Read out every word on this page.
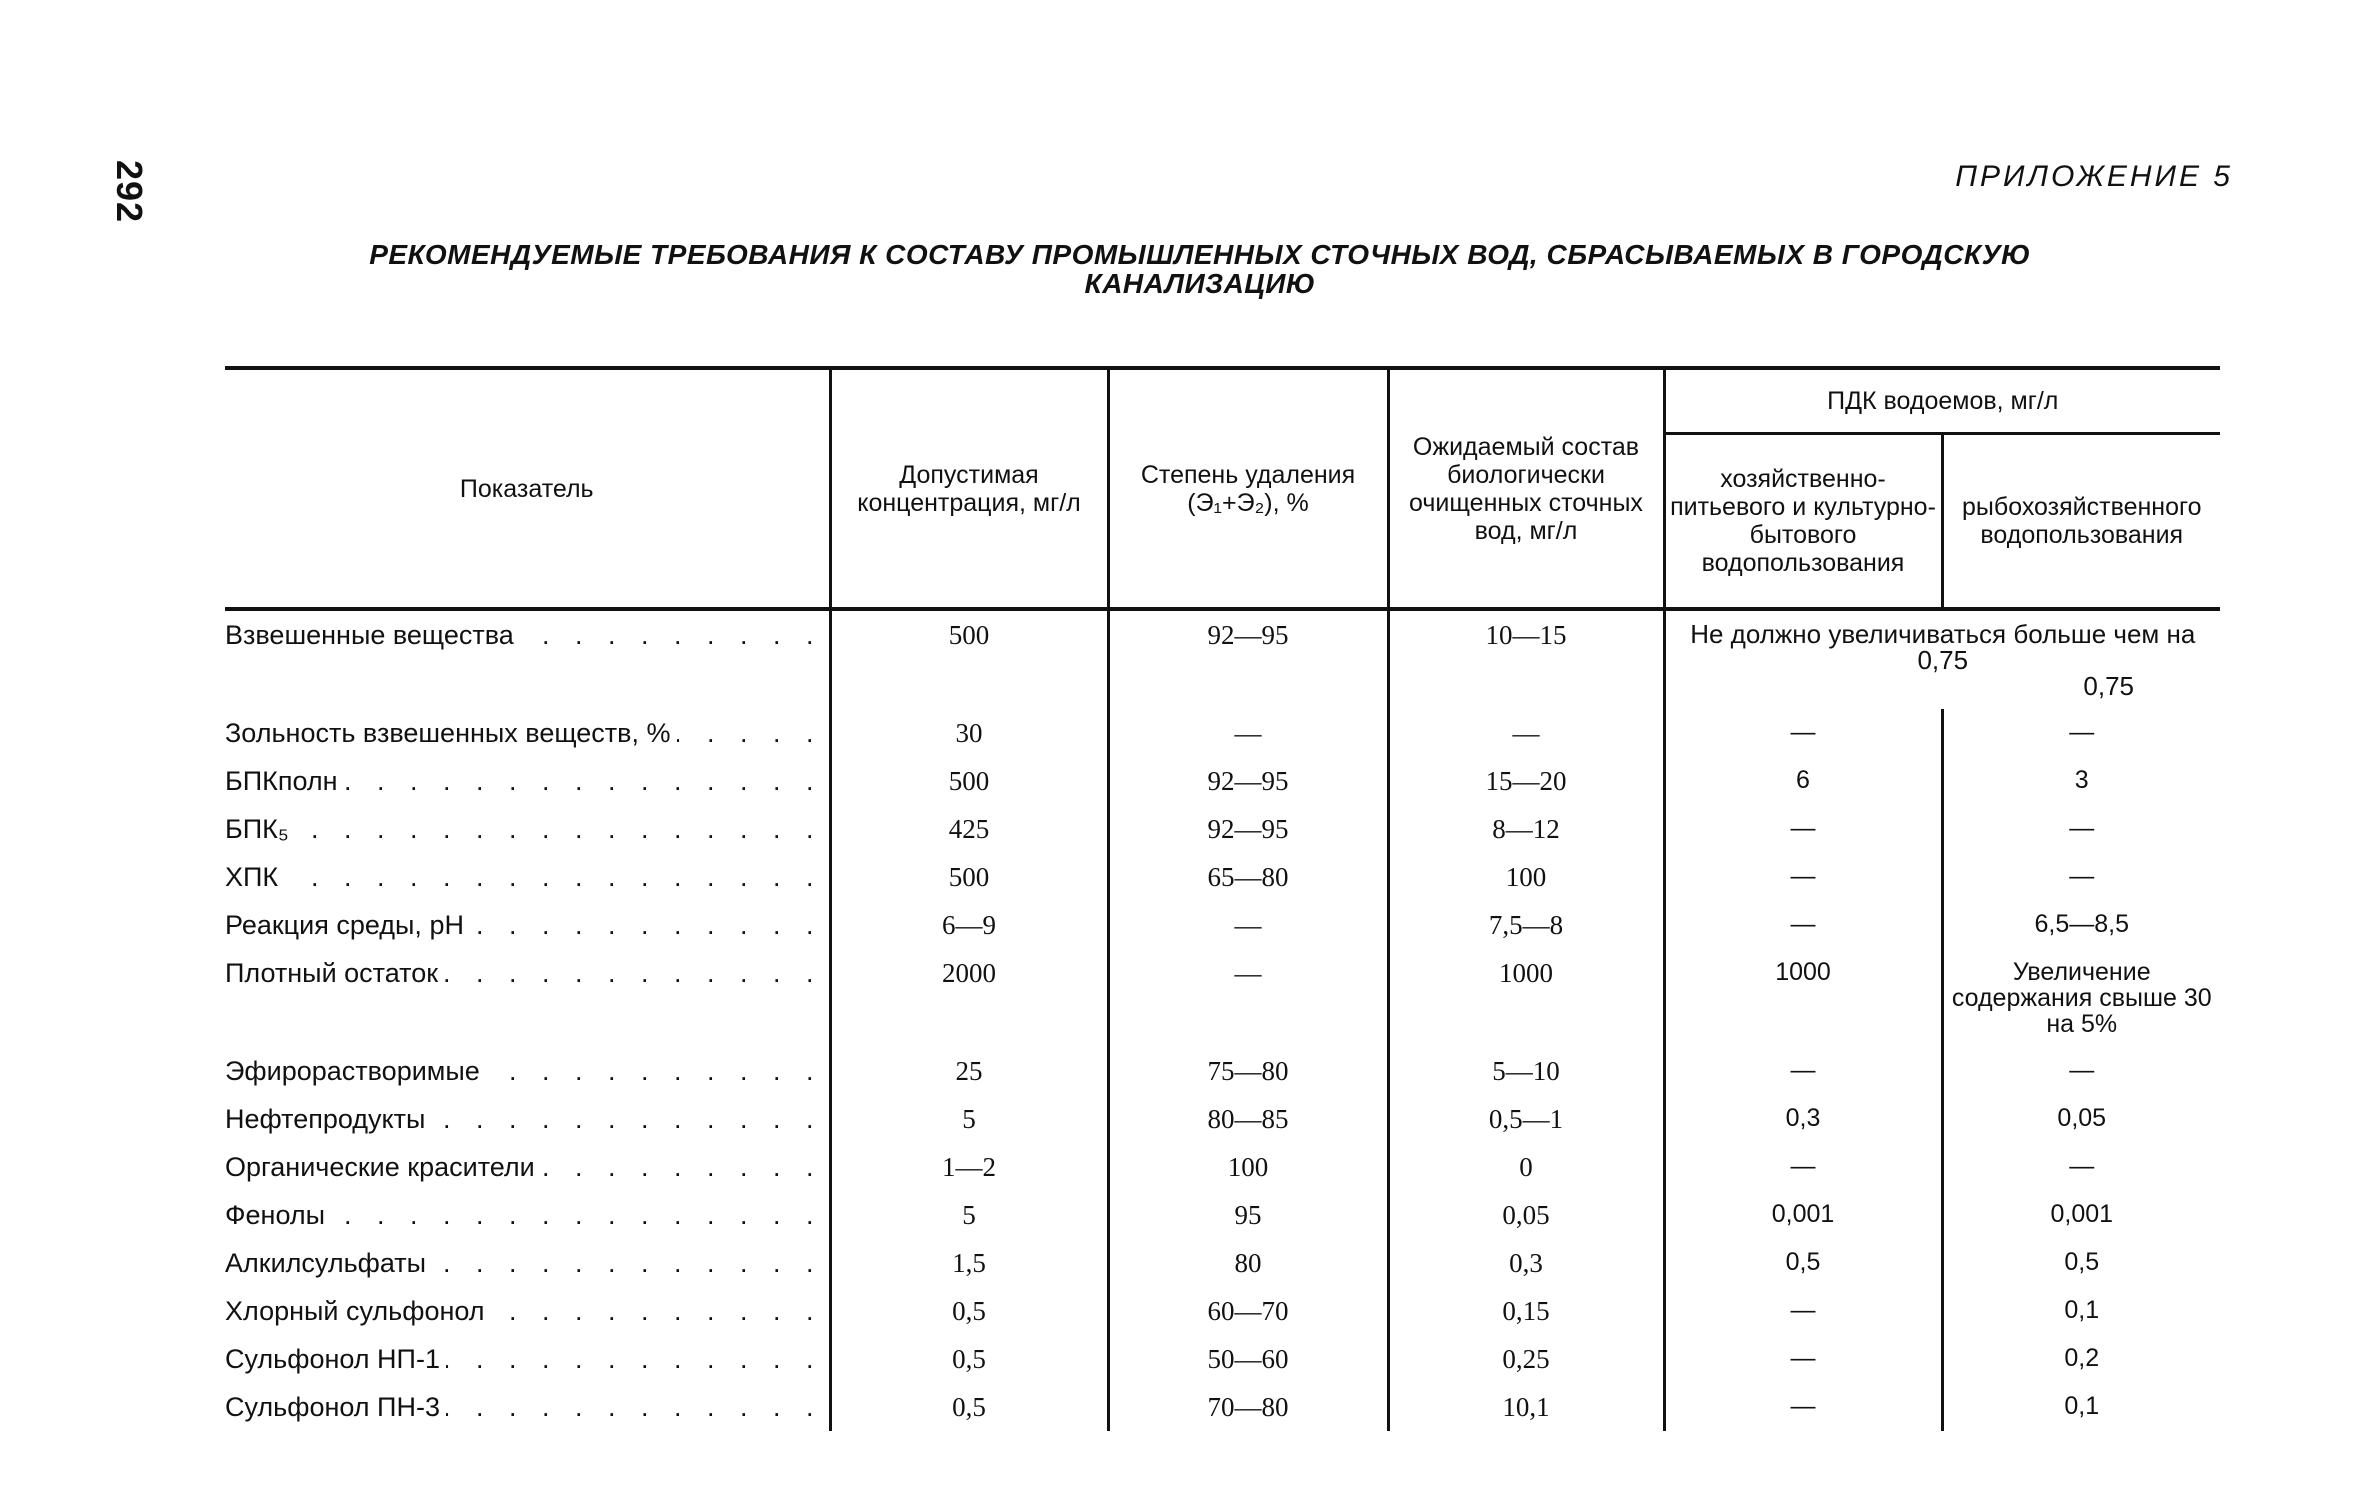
292	ПРИЛОЖЕНИЕ 5
РЕКОМЕНДУЕМЫЕ ТРЕБОВАНИЯ К СОСТАВУ ПРОМЫШЛЕННЫХ СТОЧНЫХ ВОД, СБРАСЫВАЕМЫХ В ГОРОДСКУЮ КАНАЛИЗАЦИЮ
Показатель	Допустимая концентрация, мг/л	Степень удаления (Э₁+Э₂), %	Ожидаемый состав биологически очищенных сточных вод, мг/л	ПДК водоемов, мг/л	
				хозяйственно-питьевого и культурно-бытового водопользования	рыбохозяйственного водопользования

Взвешенные вещества . . .	500	92—95	10—15	Не должно увеличиваться больше чем на 0,75
0,75	

Зольность взвешенных веществ, % . . .	30	—	—	—	—

БПКполн . . .	500	92—95	15—20	6	3

БПК₅ . . .	425	92—95	8—12	—	—

ХПК . . .	500	65—80	100	—	—

Реакция среды, pH . . .	6—9	—	7,5—8	—	6,5—8,5

Плотный остаток . . .	2000	—	1000	1000	Увеличение содержания свыше 30 на 5%

Эфирорастворимые . . .	25	75—80	5—10	—	—

Нефтепродукты . . .	5	80—85	0,5—1	0,3	0,05

Органические красители . . .	1—2	100	0	—	—

Фенолы . . .	5	95	0,05	0,001	0,001

Алкилсульфаты . . .	1,5	80	0,3	0,5	0,5

Хлорный сульфонол . . .	0,5	60—70	0,15	—	0,1

Сульфонол НП-1 . . .	0,5	50—60	0,25	—	0,2

Сульфонол ПН-3 . . .	0,5	70—80	10,1	—	0,1
